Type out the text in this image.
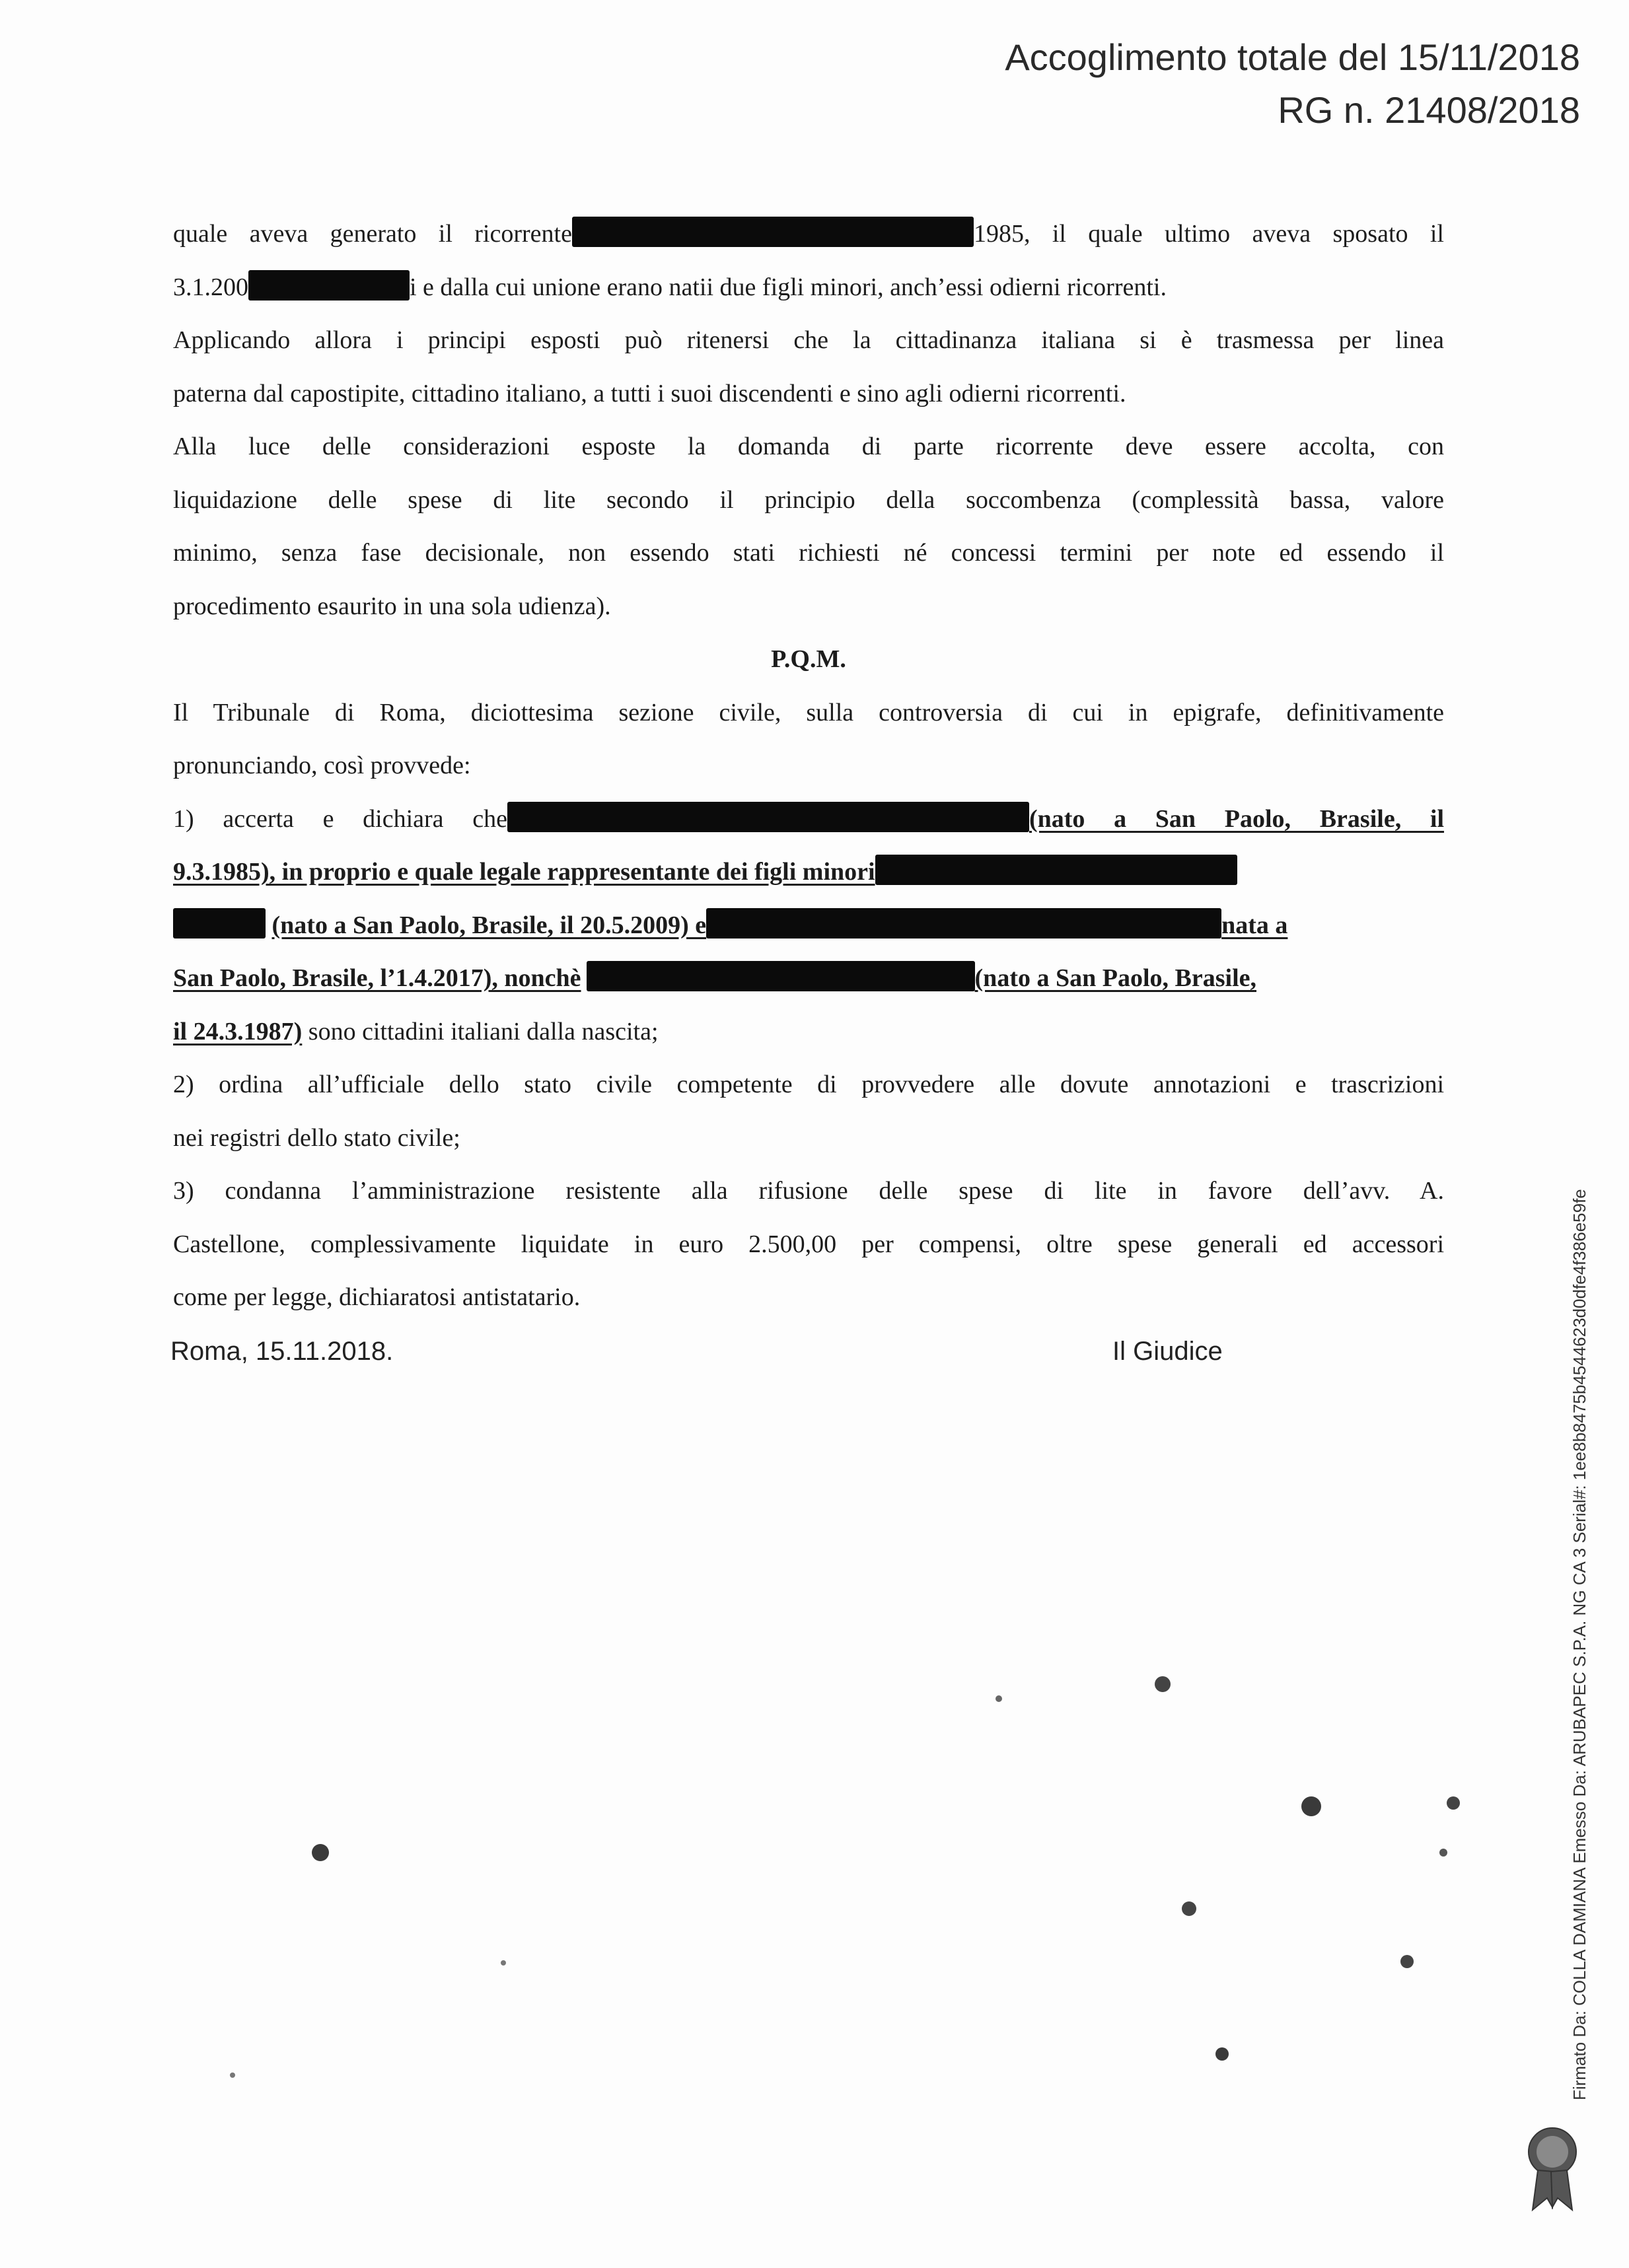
Accoglimento totale del 15/11/2018
RG n. 21408/2018
quale aveva generato il ricorrente	1985, il quale ultimo aveva sposato il
3.1.200	i e dalla cui unione erano natii due figli minori, anch’essi odierni ricorrenti.
Applicando allora i principi esposti può ritenersi che la cittadinanza italiana si è trasmessa per linea
paterna dal capostipite, cittadino italiano, a tutti i suoi discendenti e sino agli odierni ricorrenti.
Alla luce delle considerazioni esposte la domanda di parte ricorrente deve essere accolta, con
liquidazione delle spese di lite secondo il principio della soccombenza (complessità bassa, valore
minimo, senza fase decisionale, non essendo stati richiesti né concessi termini per note ed essendo il
procedimento esaurito in una sola udienza).
P.Q.M.
Il Tribunale di Roma, diciottesima sezione civile, sulla controversia di cui in epigrafe, definitivamente
pronunciando, così provvede:
1) accerta e dichiara che	(nato a San Paolo, Brasile, il
9.3.1985), in proprio e quale legale rappresentante dei figli minori
(nato a San Paolo, Brasile, il 20.5.2009) e	nata a
San Paolo, Brasile, l’1.4.2017), nonchè	(nato a San Paolo, Brasile,
il 24.3.1987) sono cittadini italiani dalla nascita;
2) ordina all’ufficiale dello stato civile competente di provvedere alle dovute annotazioni e trascrizioni
nei registri dello stato civile;
3) condanna l’amministrazione resistente alla rifusione delle spese di lite in favore dell’avv. A.
Castellone, complessivamente liquidate in euro 2.500,00 per compensi, oltre spese generali ed accessori
come per legge, dichiaratosi antistatario.
Roma, 15.11.2018.	Il Giudice	Firmato Da: COLLA DAMIANA Emesso Da: ARUBAPEC S.P.A. NG CA 3 Serial#: 1ee8b8475b4544623d0dfe4f386e59fe
